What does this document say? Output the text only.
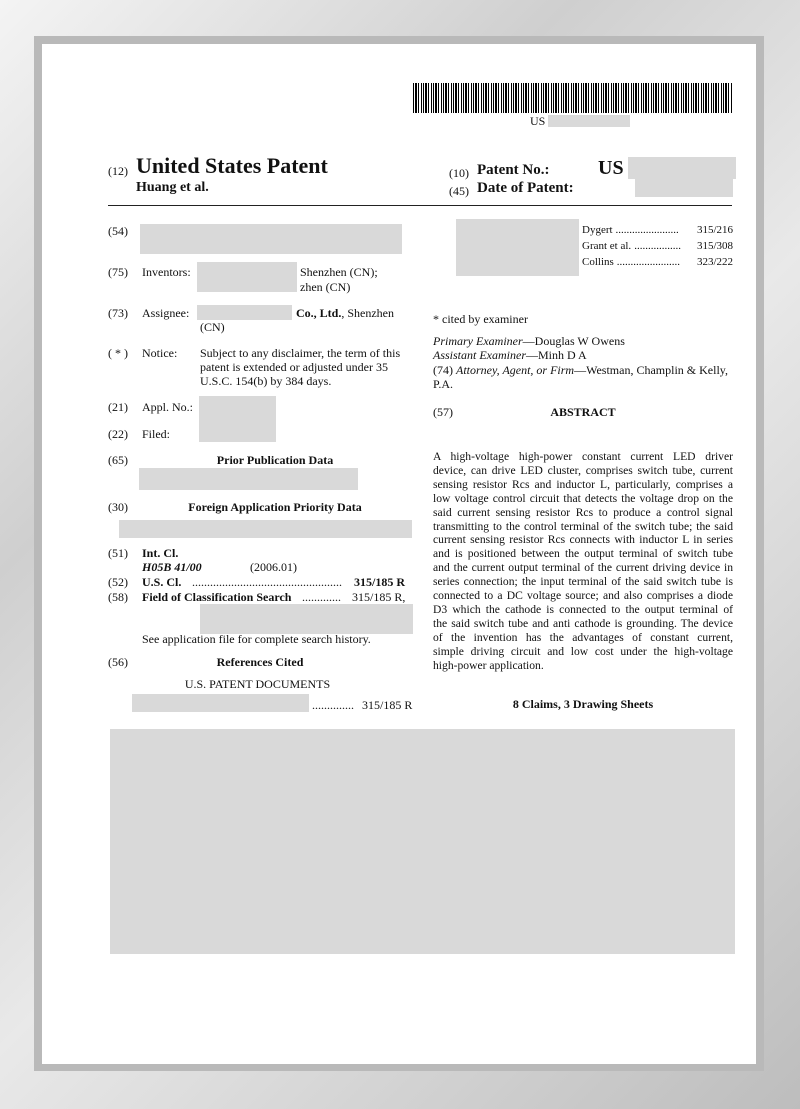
US
(12) United States Patent
Huang et al.
(10) Patent No.: US
(45) Date of Patent:
(54)
(75) Inventors:	Shenzhen (CN);
zhen (CN)
(73) Assignee:	Co., Ltd., Shenzhen
(CN)
( * ) Notice: Subject to any disclaimer, the term of this
patent is extended or adjusted under 35
U.S.C. 154(b) by 384 days.
(21) Appl. No.:
(22) Filed:
(65)	Prior Publication Data
(30)	Foreign Application Priority Data
(51) Int. Cl.
H05B 41/00	(2006.01)
(52) U.S. Cl. .................................................. 315/185 R
(58) Field of Classification Search ............. 315/185 R,
See application file for complete search history.
(56)	References Cited
U.S. PATENT DOCUMENTS
.............. 315/185 R
Dygert .......................	315/216
Grant et al. .................	315/308
Collins .......................	323/222
* cited by examiner
Primary Examiner—Douglas W Owens
Assistant Examiner—Minh D A
(74) Attorney, Agent, or Firm—Westman, Champlin & Kelly,
P.A.
(57)	ABSTRACT
A high-voltage high-power constant current LED driver
device, can drive LED cluster, comprises switch tube, current
sensing resistor Rcs and inductor L, particularly, comprises a
low voltage control circuit that detects the voltage drop on the
said current sensing resistor Rcs to produce a control signal
transmitting to the control terminal of the switch tube; the said
current sensing resistor Rcs connects with inductor L in series
and is positioned between the output terminal of switch tube
and the current output terminal of the current driving device in
series connection; the input terminal of the said switch tube is
connected to a DC voltage source; and also comprises a diode
D3 which the cathode is connected to the output terminal of
the said switch tube and anti cathode is grounding. The device
of the invention has the advantages of constant current,
simple driving circuit and low cost under the high-voltage
high-power application.
8 Claims, 3 Drawing Sheets
